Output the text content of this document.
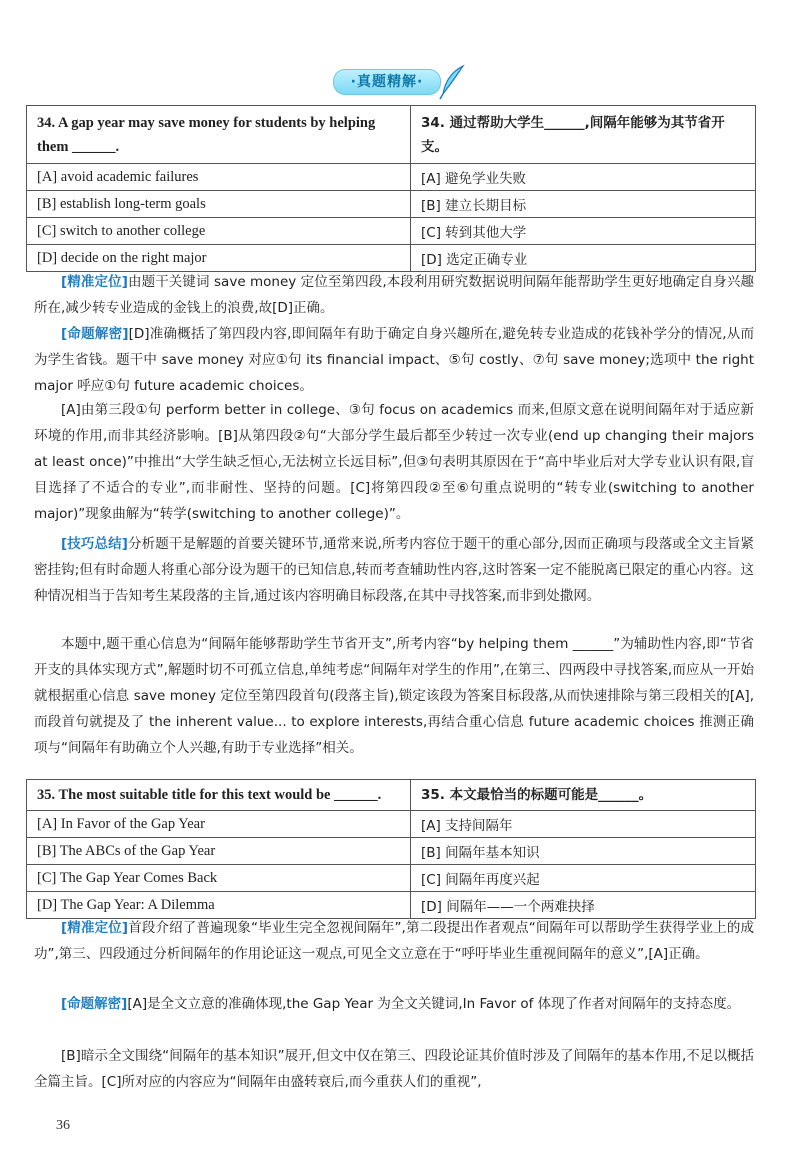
·真题精解·
34. A gap year may save money for students by helping them ______.	34. 通过帮助大学生______,间隔年能够为其节省开支。
[A] avoid academic failures	[A] 避免学业失败
[B] establish long-term goals	[B] 建立长期目标
[C] switch to another college	[C] 转到其他大学
[D] decide on the right major	[D] 选定正确专业
[精准定位]由题干关键词 save money 定位至第四段,本段利用研究数据说明间隔年能帮助学生更好地确定自身兴趣所在,减少转专业造成的金钱上的浪费,故[D]正确。
[命题解密][D]准确概括了第四段内容,即间隔年有助于确定自身兴趣所在,避免转专业造成的花钱补学分的情况,从而为学生省钱。题干中 save money 对应①句 its financial impact、⑤句 costly、⑦句 save money;选项中 the right major 呼应①句 future academic choices。
[A]由第三段①句 perform better in college、③句 focus on academics 而来,但原文意在说明间隔年对于适应新环境的作用,而非其经济影响。[B]从第四段②句“大部分学生最后都至少转过一次专业(end up changing their majors at least once)”中推出“大学生缺乏恒心,无法树立长远目标”,但③句表明其原因在于“高中毕业后对大学专业认识有限,盲目选择了不适合的专业”,而非耐性、坚持的问题。[C]将第四段②至⑥句重点说明的“转专业(switching to another major)”现象曲解为“转学(switching to another college)”。
[技巧总结]分析题干是解题的首要关键环节,通常来说,所考内容位于题干的重心部分,因而正确项与段落或全文主旨紧密挂钩;但有时命题人将重心部分设为题干的已知信息,转而考查辅助性内容,这时答案一定不能脱离已限定的重心内容。这种情况相当于告知考生某段落的主旨,通过该内容明确目标段落,在其中寻找答案,而非到处撒网。
本题中,题干重心信息为“间隔年能够帮助学生节省开支”,所考内容“by helping them ______”为辅助性内容,即“节省开支的具体实现方式”,解题时切不可孤立信息,单纯考虑“间隔年对学生的作用”,在第三、四两段中寻找答案,而应从一开始就根据重心信息 save money 定位至第四段首句(段落主旨),锁定该段为答案目标段落,从而快速排除与第三段相关的[A],而段首句就提及了 the inherent value... to explore interests,再结合重心信息 future academic choices 推测正确项与“间隔年有助确立个人兴趣,有助于专业选择”相关。
35. The most suitable title for this text would be ______.	35. 本文最恰当的标题可能是______。
[A] In Favor of the Gap Year	[A] 支持间隔年
[B] The ABCs of the Gap Year	[B] 间隔年基本知识
[C] The Gap Year Comes Back	[C] 间隔年再度兴起
[D] The Gap Year: A Dilemma	[D] 间隔年——一个两难抉择
[精准定位]首段介绍了普遍现象“毕业生完全忽视间隔年”,第二段提出作者观点“间隔年可以帮助学生获得学业上的成功”,第三、四段通过分析间隔年的作用论证这一观点,可见全文立意在于“呼吁毕业生重视间隔年的意义”,[A]正确。
[命题解密][A]是全文立意的准确体现,the Gap Year 为全文关键词,In Favor of 体现了作者对间隔年的支持态度。
[B]暗示全文围绕“间隔年的基本知识”展开,但文中仅在第三、四段论证其价值时涉及了间隔年的基本作用,不足以概括全篇主旨。[C]所对应的内容应为“间隔年由盛转衰后,而今重获人们的重视”,
36
